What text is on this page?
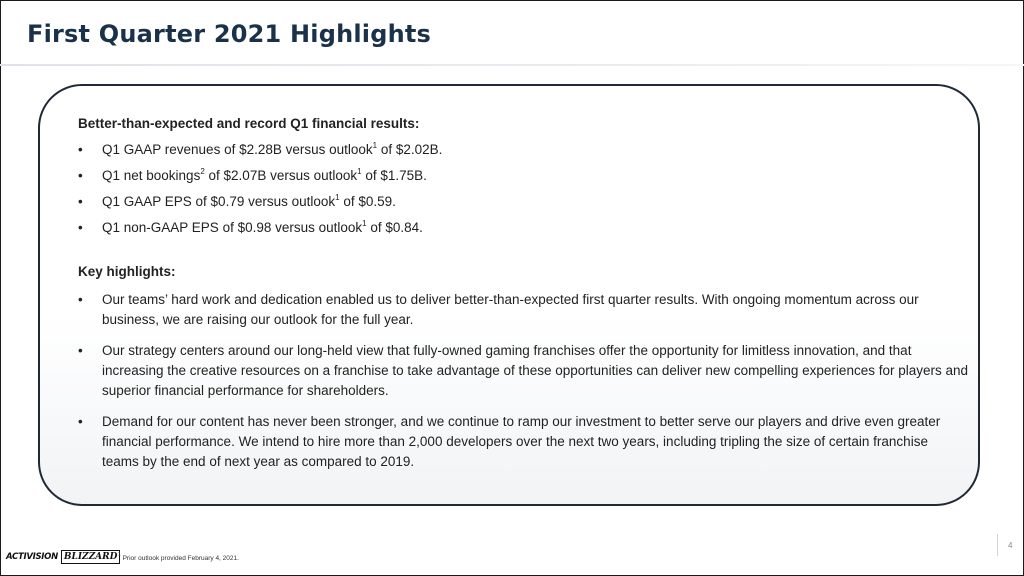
First Quarter 2021 Highlights
Better-than-expected and record Q1 financial results:
• Q1 GAAP revenues of $2.28B versus outlook$^1$ of $2.02B.
• Q1 net bookings$^2$ of $2.07B versus outlook$^1$ of $1.75B.
• Q1 GAAP EPS of $0.79 versus outlook$^1$ of $0.59.
• Q1 non-GAAP EPS of $0.98 versus outlook$^1$ of $0.84.
Key highlights:
• Our teams’ hard work and dedication enabled us to deliver better-than-expected first quarter results. With ongoing momentum across our business, we are raising our outlook for the full year.
• Our strategy centers around our long-held view that fully-owned gaming franchises offer the opportunity for limitless innovation, and that increasing the creative resources on a franchise to take advantage of these opportunities can deliver new compelling experiences for players and superior financial performance for shareholders.
• Demand for our content has never been stronger, and we continue to ramp our investment to better serve our players and drive even greater financial performance. We intend to hire more than 2,000 developers over the next two years, including tripling the size of certain franchise teams by the end of next year as compared to 2019.
ACTIVISION BLIZZARD $^1$ Prior outlook provided February 4, 2021.
4
